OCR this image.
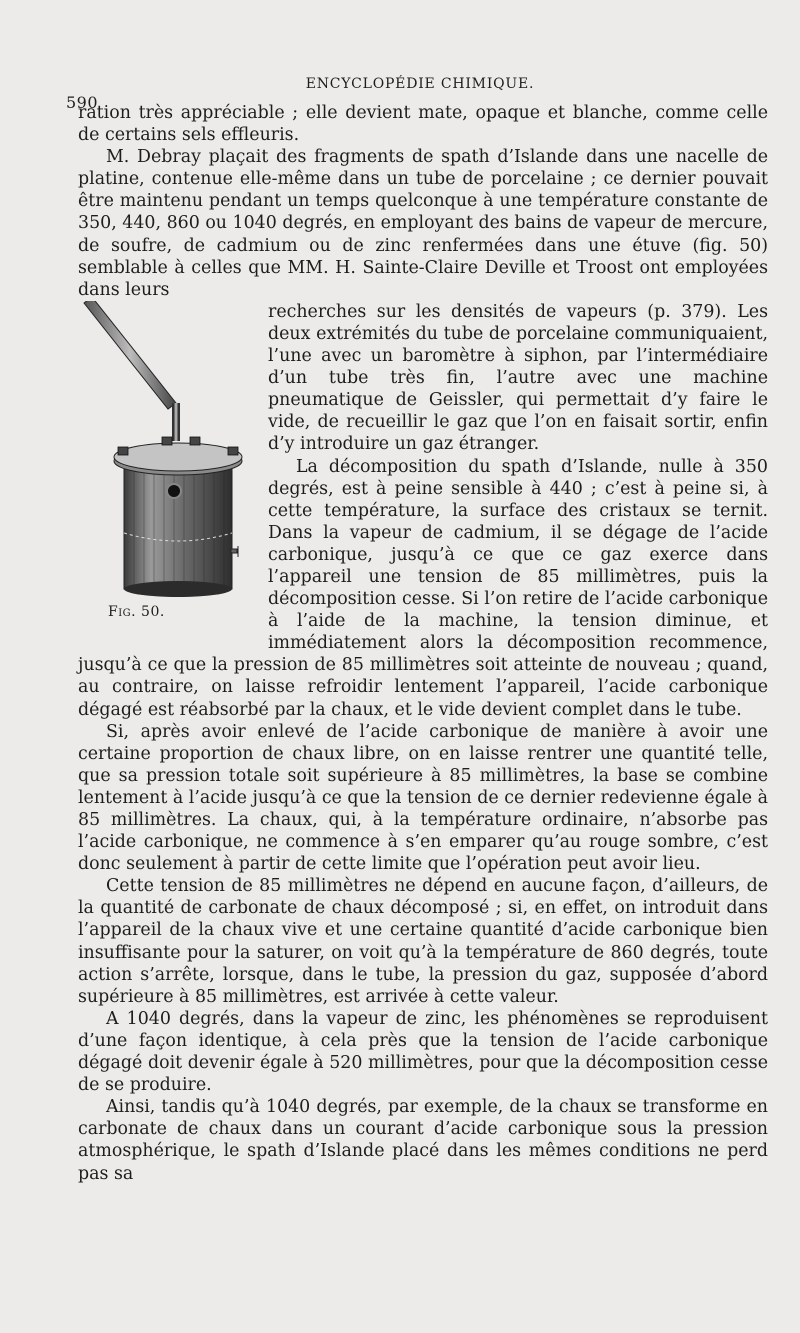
590
ENCYCLOPÉDIE CHIMIQUE.

ration très appréciable ; elle devient mate, opaque et blanche, comme celle de certains sels effleuris.

M. Debray plaçait des fragments de spath d’Islande dans une nacelle de platine, contenue elle-même dans un tube de porcelaine ; ce dernier pouvait être maintenu pendant un temps quelconque à une température constante de 350, 440, 860 ou 1040 degrés, en employant des bains de vapeur de mercure, de soufre, de cadmium ou de zinc renfermées dans une étuve (fig. 50) semblable à celles que MM. H. Sainte-Claire Deville et Troost ont employées dans leurs

Fig. 50.

recherches sur les densités de vapeurs (p. 379). Les deux extrémités du tube de porcelaine communiquaient, l’une avec un baromètre à siphon, par l’intermédiaire d’un tube très fin, l’autre avec une machine pneumatique de Geissler, qui permettait d’y faire le vide, de recueillir le gaz que l’on en faisait sortir, enfin d’y introduire un gaz étranger.

La décomposition du spath d’Islande, nulle à 350 degrés, est à peine sensible à 440 ; c’est à peine si, à cette température, la surface des cristaux se ternit. Dans la vapeur de cadmium, il se dégage de l’acide carbonique, jusqu’à ce que ce gaz exerce dans l’appareil une tension de 85 millimètres, puis la décomposition cesse. Si l’on retire de l’acide carbonique à l’aide de la machine, la tension diminue, et immédiatement alors la décomposition recommence, jusqu’à ce que la pression de 85 millimètres soit atteinte de nouveau ; quand, au contraire, on laisse refroidir lentement l’appareil, l’acide carbonique dégagé est réabsorbé par la chaux, et le vide devient complet dans le tube.

Si, après avoir enlevé de l’acide carbonique de manière à avoir une certaine proportion de chaux libre, on en laisse rentrer une quantité telle, que sa pression totale soit supérieure à 85 millimètres, la base se combine lentement à l’acide jusqu’à ce que la tension de ce dernier redevienne égale à 85 millimètres. La chaux, qui, à la température ordinaire, n’absorbe pas l’acide carbonique, ne commence à s’en emparer qu’au rouge sombre, c’est donc seulement à partir de cette limite que l’opération peut avoir lieu.

Cette tension de 85 millimètres ne dépend en aucune façon, d’ailleurs, de la quantité de carbonate de chaux décomposé ; si, en effet, on introduit dans l’appareil de la chaux vive et une certaine quantité d’acide carbonique bien insuffisante pour la saturer, on voit qu’à la température de 860 degrés, toute action s’arrête, lorsque, dans le tube, la pression du gaz, supposée d’abord supérieure à 85 millimètres, est arrivée à cette valeur.

A 1040 degrés, dans la vapeur de zinc, les phénomènes se reproduisent d’une façon identique, à cela près que la tension de l’acide carbonique dégagé doit devenir égale à 520 millimètres, pour que la décomposition cesse de se produire.

Ainsi, tandis qu’à 1040 degrés, par exemple, de la chaux se transforme en carbonate de chaux dans un courant d’acide carbonique sous la pression atmosphérique, le spath d’Islande placé dans les mêmes conditions ne perd pas sa
